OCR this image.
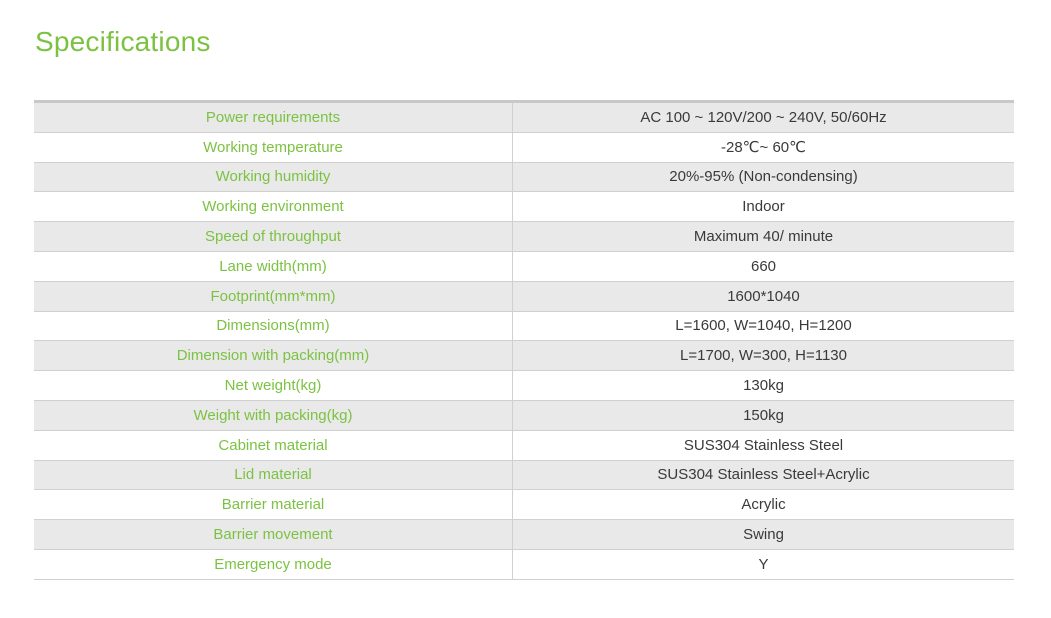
Specifications
Power requirements	AC 100 ~ 120V/200 ~ 240V, 50/60Hz
Working temperature	-28℃~ 60℃
Working humidity	20%-95% (Non-condensing)
Working environment	Indoor
Speed of throughput	Maximum 40/ minute
Lane width(mm)	660
Footprint(mm*mm)	1600*1040
Dimensions(mm)	L=1600, W=1040, H=1200
Dimension with packing(mm)	L=1700, W=300, H=1130
Net weight(kg)	130kg
Weight with packing(kg)	150kg
Cabinet material	SUS304 Stainless Steel
Lid material	SUS304 Stainless Steel+Acrylic
Barrier material	Acrylic
Barrier movement	Swing
Emergency mode	Y
